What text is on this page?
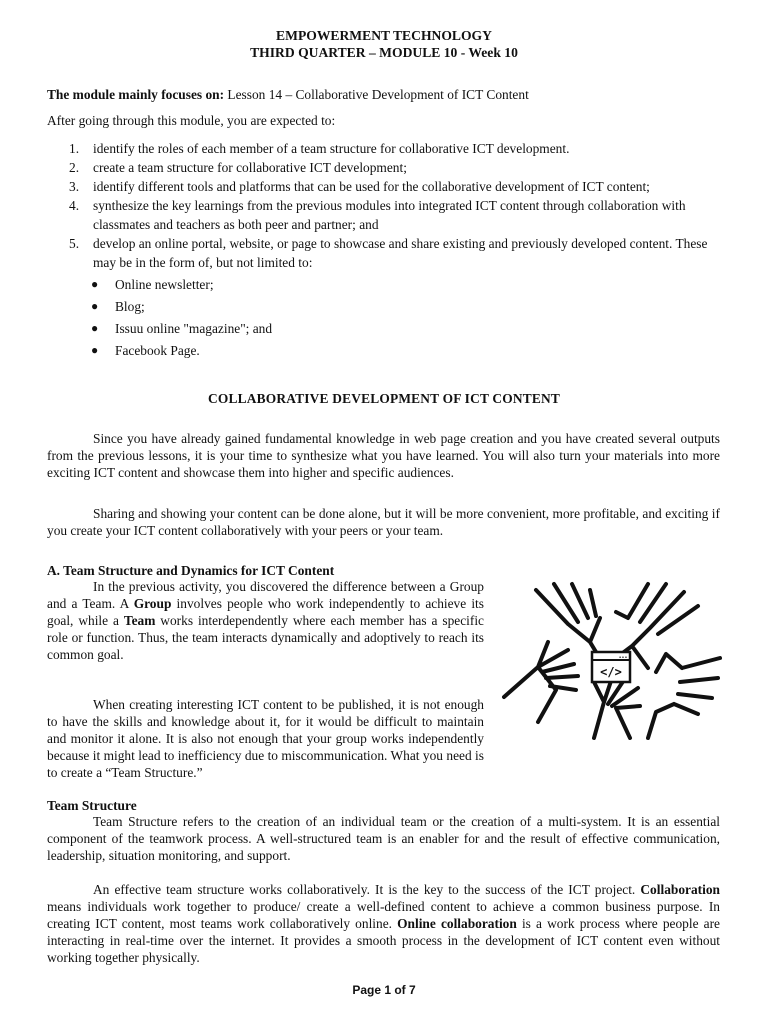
EMPOWERMENT TECHNOLOGY
THIRD QUARTER – MODULE 10 - Week 10
The module mainly focuses on: Lesson 14 – Collaborative Development of ICT Content
After going through this module, you are expected to:
1. identify the roles of each member of a team structure for collaborative ICT development.
2. create a team structure for collaborative ICT development;
3. identify different tools and platforms that can be used for the collaborative development of ICT content;
4. synthesize the key learnings from the previous modules into integrated ICT content through collaboration with classmates and teachers as both peer and partner; and
5. develop an online portal, website, or page to showcase and share existing and previously developed content. These may be in the form of, but not limited to:
● Online newsletter;
● Blog;
● Issuu online "magazine"; and
● Facebook Page.
COLLABORATIVE DEVELOPMENT OF ICT CONTENT

Since you have already gained fundamental knowledge in web page creation and you have created several outputs from the previous lessons, it is your time to synthesize what you have learned. You will also turn your materials into more exciting ICT content and showcase them into higher and specific audiences.

Sharing and showing your content can be done alone, but it will be more convenient, more profitable, and exciting if you create your ICT content collaboratively with your peers or your team.

A. Team Structure and Dynamics for ICT Content

In the previous activity, you discovered the difference between a Group and a Team. A Group involves people who work independently to achieve its goal, while a Team works interdependently where each member has a specific role or function. Thus, the team interacts dynamically and adoptively to reach its common goal.

When creating interesting ICT content to be published, it is not enough to have the skills and knowledge about it, for it would be difficult to maintain and monitor it alone. It is also not enough that your group works independently because it might lead to inefficiency due to miscommunication. What you need is to create a “Team Structure.”

•••
</>
Team Structure

Team Structure refers to the creation of an individual team or the creation of a multi-system. It is an essential component of the teamwork process. A well-structured team is an enabler for and the result of effective communication, leadership, situation monitoring, and support.

An effective team structure works collaboratively. It is the key to the success of the ICT project. Collaboration means individuals work together to produce/ create a well-defined content to achieve a common business purpose. In creating ICT content, most teams work collaboratively online. Online collaboration is a work process where people are interacting in real-time over the internet. It provides a smooth process in the development of ICT content even without working together physically.

Page 1 of 7
